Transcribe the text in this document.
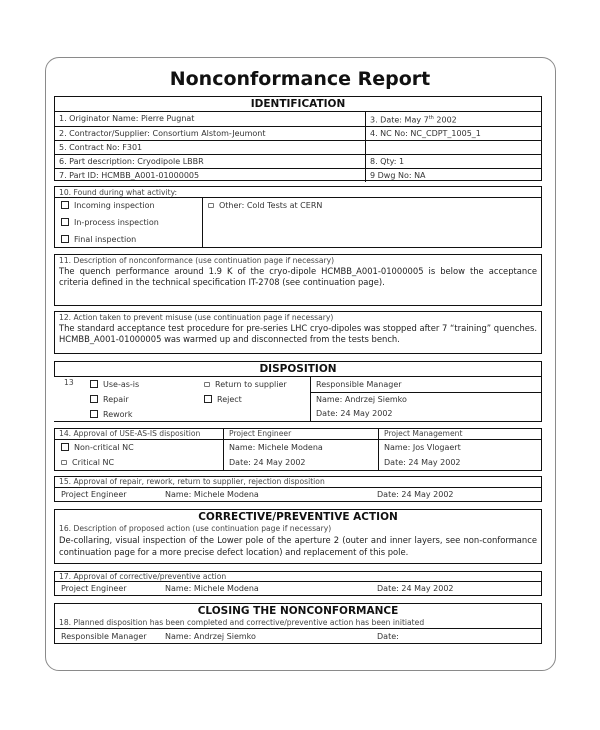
Nonconformance Report
IDENTIFICATION
1. Originator Name: Pierre Pugnat	3. Date: May 7th 2002
2. Contractor/Supplier: Consortium Alstom-Jeumont	4. NC No: NC_CDPT_1005_1
5. Contract No: F301
6. Part description: Cryodipole LBBR	8. Qty: 1
7. Part ID: HCMBB_A001-01000005	9 Dwg No: NA
10. Found during what activity:
Incoming inspection
In-process inspection
Final inspection
Other: Cold Tests at CERN
11. Description of nonconformance (use continuation page if necessary)
The quench performance around 1.9 K of the cryo-dipole HCMBB_A001-01000005 is below the acceptance criteria defined in the technical specification IT-2708 (see continuation page).
12. Action taken to prevent misuse (use continuation page if necessary)
The standard acceptance test procedure for pre-series LHC cryo-dipoles was stopped after 7 “training” quenches. HCMBB_A001-01000005 was warmed up and disconnected from the tests bench.
DISPOSITION
13	Use-as-is
Repair
Rework
Return to supplier
Reject
Responsible Manager
Name: Andrzej Siemko
Date: 24 May 2002
14. Approval of USE-AS-IS disposition
Non-critical NC
Critical NC
Project Engineer
Name: Michele Modena
Date: 24 May 2002
Project Management
Name: Jos Vlogaert
Date: 24 May 2002
15. Approval of repair, rework, return to supplier, rejection disposition
Project Engineer	Name: Michele Modena	Date: 24 May 2002
CORRECTIVE/PREVENTIVE ACTION
16. Description of proposed action (use continuation page if necessary)
De-collaring, visual inspection of the Lower pole of the aperture 2 (outer and inner layers, see non-conformance continuation page for a more precise defect location) and replacement of this pole.
17. Approval of corrective/preventive action
Project Engineer	Name: Michele Modena	Date: 24 May 2002
CLOSING THE NONCONFORMANCE
18. Planned disposition has been completed and corrective/preventive action has been initiated
Responsible Manager	Name: Andrzej Siemko	Date:
